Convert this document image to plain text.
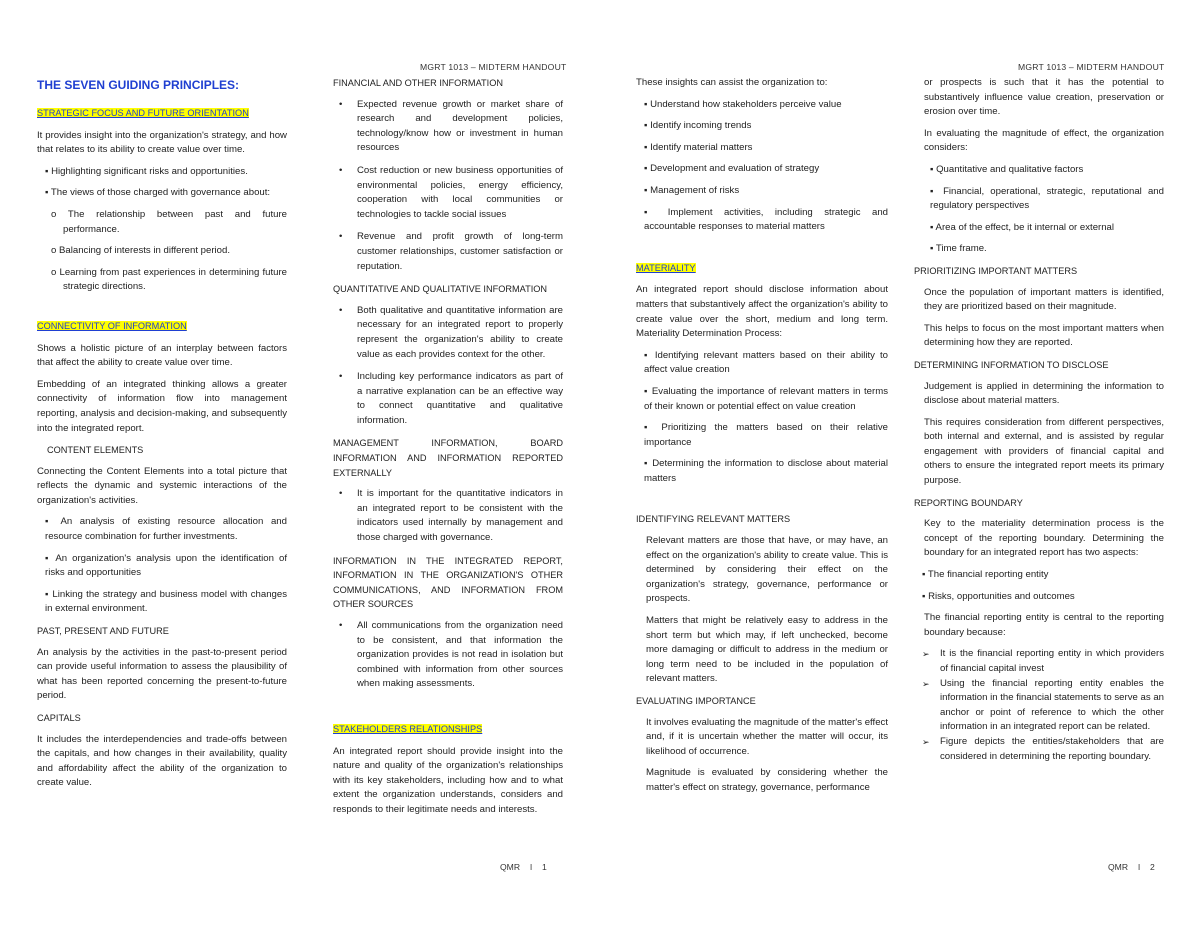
MGRT 1013 – MIDTERM HANDOUT

THE SEVEN GUIDING PRINCIPLES:

STRATEGIC FOCUS AND FUTURE ORIENTATION

It provides insight into the organization's strategy, and how that relates to its ability to create value over time.

▪ Highlighting significant risks and opportunities.

▪ The views of those charged with governance about:

o The relationship between past and future performance.

o Balancing of interests in different period.

o Learning from past experiences in determining future strategic directions.

CONNECTIVITY OF INFORMATION

Shows a holistic picture of an interplay between factors that affect the ability to create value over time.

Embedding of an integrated thinking allows a greater connectivity of information flow into management reporting, analysis and decision-making, and subsequently into the integrated report.

CONTENT ELEMENTS

Connecting the Content Elements into a total picture that reflects the dynamic and systemic interactions of the organization's activities.

▪ An analysis of existing resource allocation and resource combination for further investments.

▪ An organization's analysis upon the identification of risks and opportunities

▪ Linking the strategy and business model with changes in external environment.

PAST, PRESENT AND FUTURE

An analysis by the activities in the past-to-present period can provide useful information to assess the plausibility of what has been reported concerning the present-to-future period.

CAPITALS

It includes the interdependencies and trade-offs between the capitals, and how changes in their availability, quality and affordability affect the ability of the organization to create value.

FINANCIAL AND OTHER INFORMATION

• Expected revenue growth or market share of research and development policies, technology/know how or investment in human resources
• Cost reduction or new business opportunities of environmental policies, energy efficiency, cooperation with local communities or technologies to tackle social issues
• Revenue and profit growth of long-term customer relationships, customer satisfaction or reputation.

QUANTITATIVE AND QUALITATIVE INFORMATION

• Both qualitative and quantitative information are necessary for an integrated report to properly represent the organization's ability to create value as each provides context for the other.
• Including key performance indicators as part of a narrative explanation can be an effective way to connect quantitative and qualitative information.

MANAGEMENT INFORMATION, BOARD INFORMATION AND INFORMATION REPORTED EXTERNALLY

• It is important for the quantitative indicators in an integrated report to be consistent with the indicators used internally by management and those charged with governance.

INFORMATION IN THE INTEGRATED REPORT, INFORMATION IN THE ORGANIZATION'S OTHER COMMUNICATIONS, AND INFORMATION FROM OTHER SOURCES

• All communications from the organization need to be consistent, and that information the organization provides is not read in isolation but combined with information from other sources when making assessments.

STAKEHOLDERS RELATIONSHIPS

An integrated report should provide insight into the nature and quality of the organization's relationships with its key stakeholders, including how and to what extent the organization understands, considers and responds to their legitimate needs and interests.

QMR l 1
MGRT 1013 – MIDTERM HANDOUT

These insights can assist the organization to:

▪ Understand how stakeholders perceive value

▪ Identify incoming trends

▪ Identify material matters

▪ Development and evaluation of strategy

▪ Management of risks

▪ Implement activities, including strategic and accountable responses to material matters

MATERIALITY

An integrated report should disclose information about matters that substantively affect the organization's ability to create value over the short, medium and long term. Materiality Determination Process:

▪ Identifying relevant matters based on their ability to affect value creation

▪ Evaluating the importance of relevant matters in terms of their known or potential effect on value creation

▪ Prioritizing the matters based on their relative importance

▪ Determining the information to disclose about material matters

IDENTIFYING RELEVANT MATTERS

Relevant matters are those that have, or may have, an effect on the organization's ability to create value. This is determined by considering their effect on the organization's strategy, governance, performance or prospects.

Matters that might be relatively easy to address in the short term but which may, if left unchecked, become more damaging or difficult to address in the medium or long term need to be included in the population of relevant matters.

EVALUATING IMPORTANCE

It involves evaluating the magnitude of the matter's effect and, if it is uncertain whether the matter will occur, its likelihood of occurrence.

Magnitude is evaluated by considering whether the matter's effect on strategy, governance, performance

or prospects is such that it has the potential to substantively influence value creation, preservation or erosion over time.

In evaluating the magnitude of effect, the organization considers:

▪ Quantitative and qualitative factors

▪ Financial, operational, strategic, reputational and regulatory perspectives

▪ Area of the effect, be it internal or external

▪ Time frame.

PRIORITIZING IMPORTANT MATTERS

Once the population of important matters is identified, they are prioritized based on their magnitude.

This helps to focus on the most important matters when determining how they are reported.

DETERMINING INFORMATION TO DISCLOSE

Judgement is applied in determining the information to disclose about material matters.

This requires consideration from different perspectives, both internal and external, and is assisted by regular engagement with providers of financial capital and others to ensure the integrated report meets its primary purpose.

REPORTING BOUNDARY

Key to the materiality determination process is the concept of the reporting boundary. Determining the boundary for an integrated report has two aspects:

▪ The financial reporting entity

▪ Risks, opportunities and outcomes

The financial reporting entity is central to the reporting boundary because:

➢ It is the financial reporting entity in which providers of financial capital invest
➢ Using the financial reporting entity enables the information in the financial statements to serve as an anchor or point of reference to which the other information in an integrated report can be related.
➢ Figure depicts the entities/stakeholders that are considered in determining the reporting boundary.
QMR l 2
